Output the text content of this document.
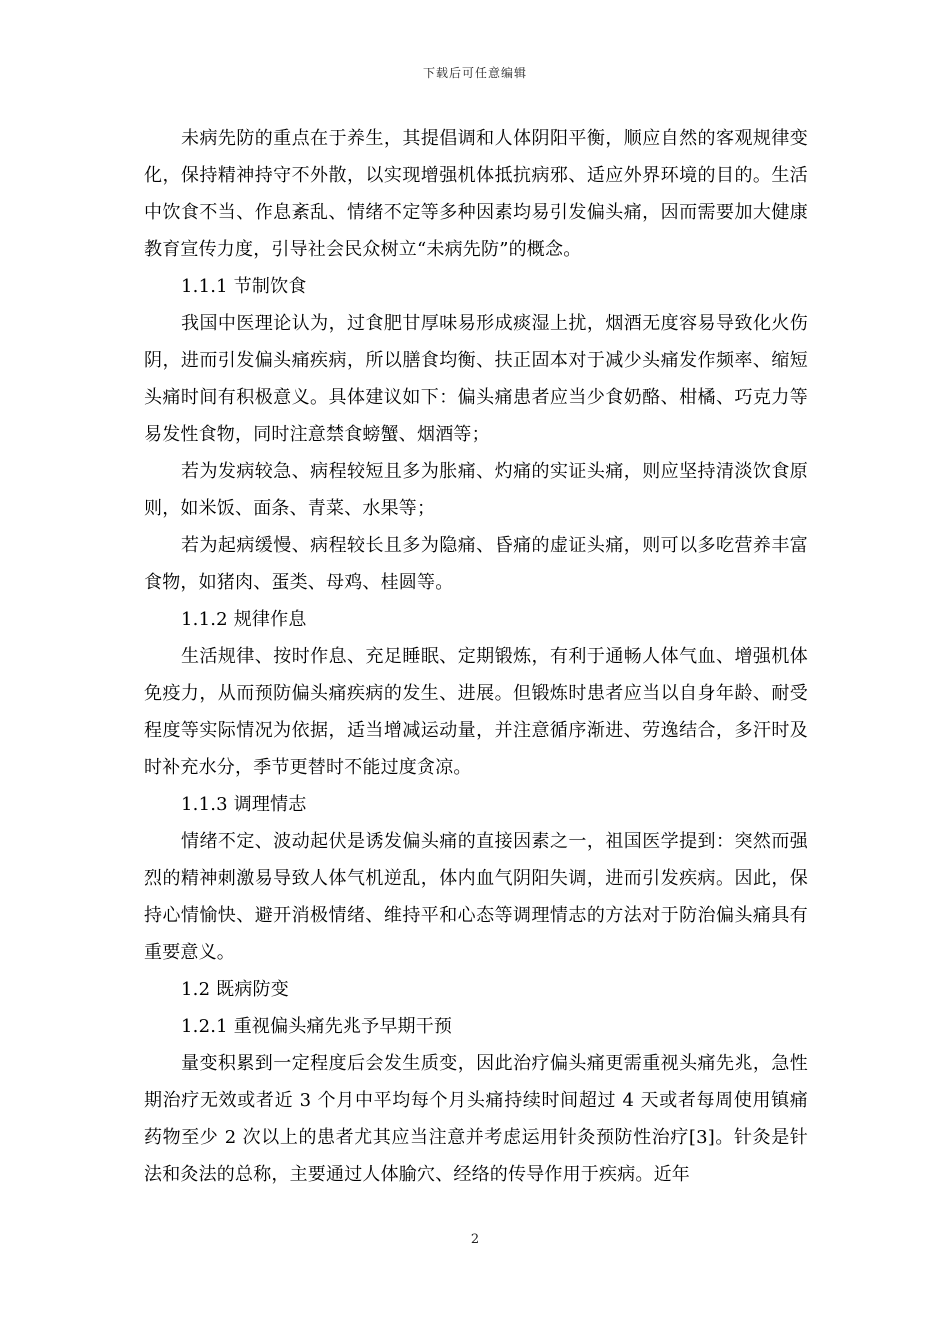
下载后可任意编辑

未病先防的重点在于养生，其提倡调和人体阴阳平衡，顺应自然的客观规律变化，保持精神持守不外散，以实现增强机体抵抗病邪、适应外界环境的目的。生活中饮食不当、作息紊乱、情绪不定等多种因素均易引发偏头痛，因而需要加大健康教育宣传力度，引导社会民众树立“未病先防”的概念。

1.1.1 节制饮食

我国中医理论认为，过食肥甘厚味易形成痰湿上扰，烟酒无度容易导致化火伤阴，进而引发偏头痛疾病，所以膳食均衡、扶正固本对于减少头痛发作频率、缩短头痛时间有积极意义。具体建议如下：偏头痛患者应当少食奶酪、柑橘、巧克力等易发性食物，同时注意禁食螃蟹、烟酒等；

若为发病较急、病程较短且多为胀痛、灼痛的实证头痛，则应坚持清淡饮食原则，如米饭、面条、青菜、水果等；

若为起病缓慢、病程较长且多为隐痛、昏痛的虚证头痛，则可以多吃营养丰富食物，如猪肉、蛋类、母鸡、桂圆等。

1.1.2 规律作息

生活规律、按时作息、充足睡眠、定期锻炼，有利于通畅人体气血、增强机体免疫力，从而预防偏头痛疾病的发生、进展。但锻炼时患者应当以自身年龄、耐受程度等实际情况为依据，适当增减运动量，并注意循序渐进、劳逸结合，多汗时及时补充水分，季节更替时不能过度贪凉。

1.1.3 调理情志

情绪不定、波动起伏是诱发偏头痛的直接因素之一，祖国医学提到：突然而强烈的精神刺激易导致人体气机逆乱，体内血气阴阳失调，进而引发疾病。因此，保持心情愉快、避开消极情绪、维持平和心态等调理情志的方法对于防治偏头痛具有重要意义。

1.2 既病防变

1.2.1 重视偏头痛先兆予早期干预

量变积累到一定程度后会发生质变，因此治疗偏头痛更需重视头痛先兆，急性期治疗无效或者近 3 个月中平均每个月头痛持续时间超过 4 天或者每周使用镇痛药物至少 2 次以上的患者尤其应当注意并考虑运用针灸预防性治疗[3]。针灸是针法和灸法的总称，主要通过人体腧穴、经络的传导作用于疾病。近年

2
